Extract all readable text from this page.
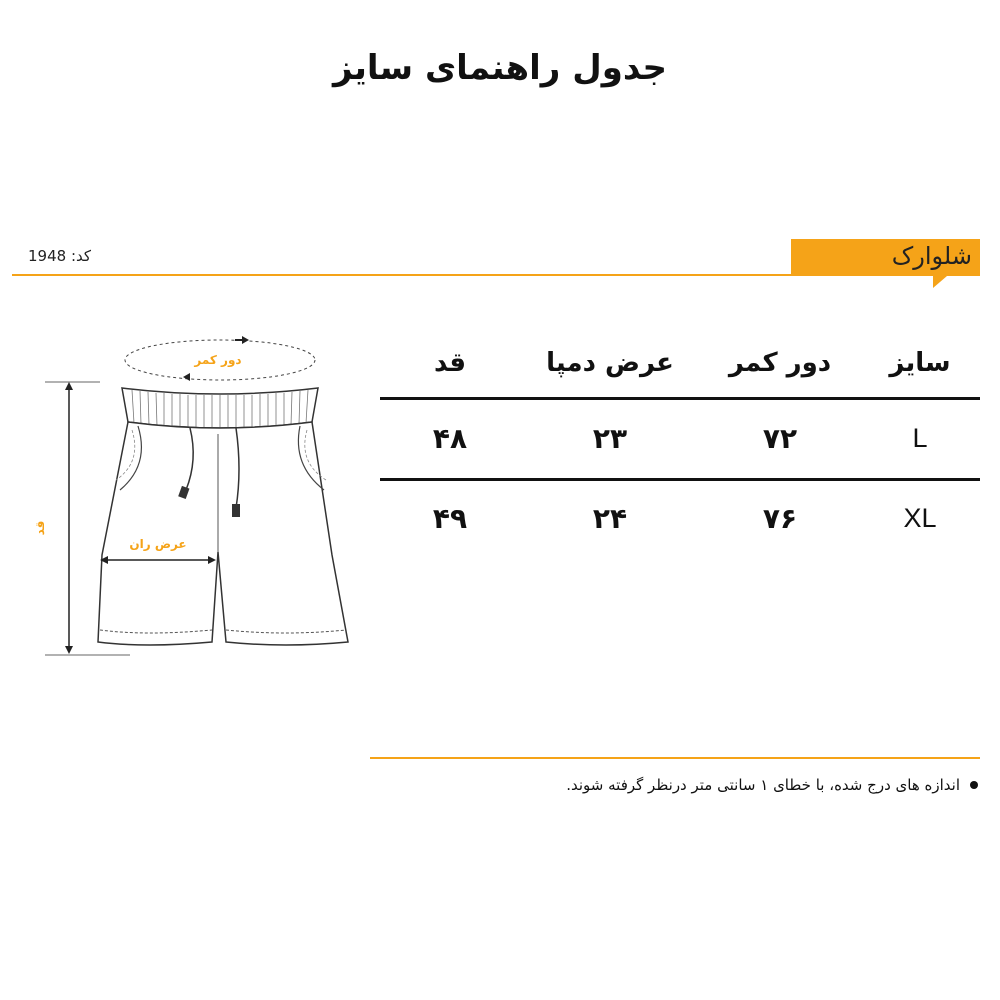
جدول راهنمای سایز
کد: 1948	شلوارک
سایز
دور کمر
عرض دمپا
قد
L
۷۲
۲۳
۴۸
XL
۷۶
۲۴
۴۹
دور کمر
قد
عرض ران
اندازه های درج شده، با خطای ۱ سانتی متر درنظر گرفته شوند.
